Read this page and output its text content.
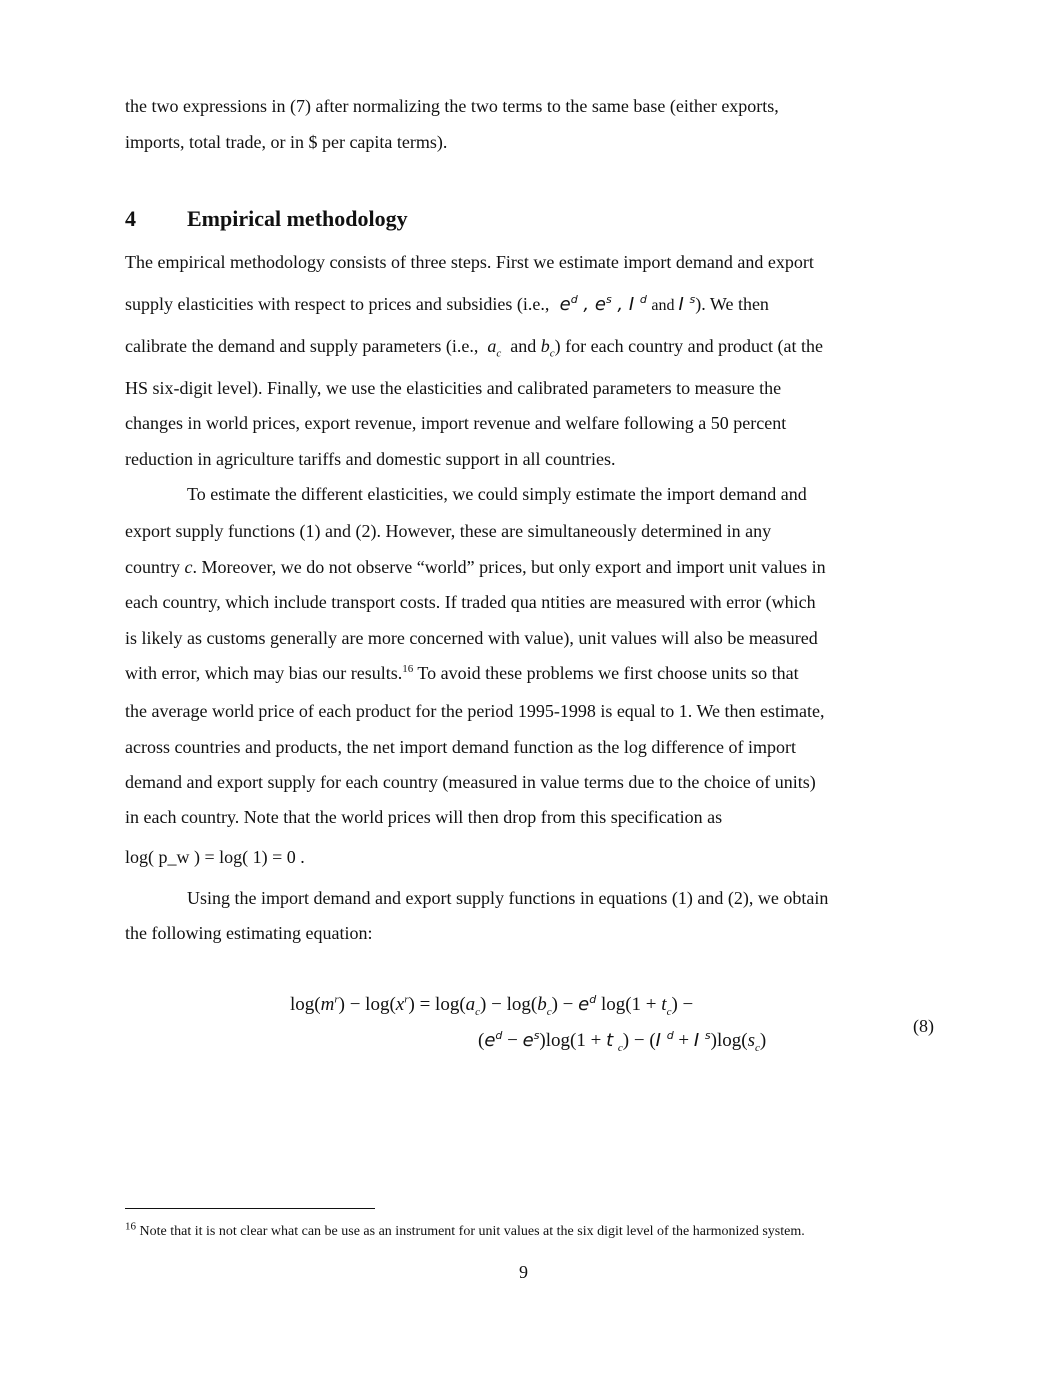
the two expressions in (7) after normalizing the two terms to the same base (either exports,
imports, total trade, or in $ per capita terms).
4 Empirical methodology
The empirical methodology consists of three steps. First we estimate import demand and export
supply elasticities with respect to prices and subsidies (i.e.,  $e^d$ , $e^s$ , I $^d$ and I $^s$). We then
calibrate the demand and supply parameters (i.e.,  $a_c$ and $b_c$) for each country and product (at the
HS six-digit level). Finally, we use the elasticities and calibrated parameters to measure the
changes in world prices, export revenue, import revenue and welfare following a 50 percent
reduction in agriculture tariffs and domestic support in all countries.
To estimate the different elasticities, we could simply estimate the import demand and
export supply functions (1) and (2). However, these are simultaneously determined in any
country c. Moreover, we do not observe “world” prices, but only export and import unit values in
each country, which include transport costs. If traded qua ntities are measured with error (which
is likely as customs generally are more concerned with value), unit values will also be measured
with error, which may bias our results.$^{16}$ To avoid these problems we first choose units so that
the average world price of each product for the period 1995-1998 is equal to 1. We then estimate,
across countries and products, the net import demand function as the log difference of import
demand and export supply for each country (measured in value terms due to the choice of units)
in each country. Note that the world prices will then drop from this specification as
log( p_w ) = log( 1) = 0 .
Using the import demand and export supply functions in equations (1) and (2), we obtain
the following estimating equation:
$\log(m^r) - \log(x^r) = \log(a_c) - \log(b_c) - e^d$ $\log(1 + t_c)$ −
$(e^d - e^s)\log(1 + t$ $_c$) − (I $^d$ + I $^s)\log(s_c)$
(8)
$^{16}$ Note that it is not clear what can be use as an instrument for unit values at the six digit level of the harmonized system.
9
